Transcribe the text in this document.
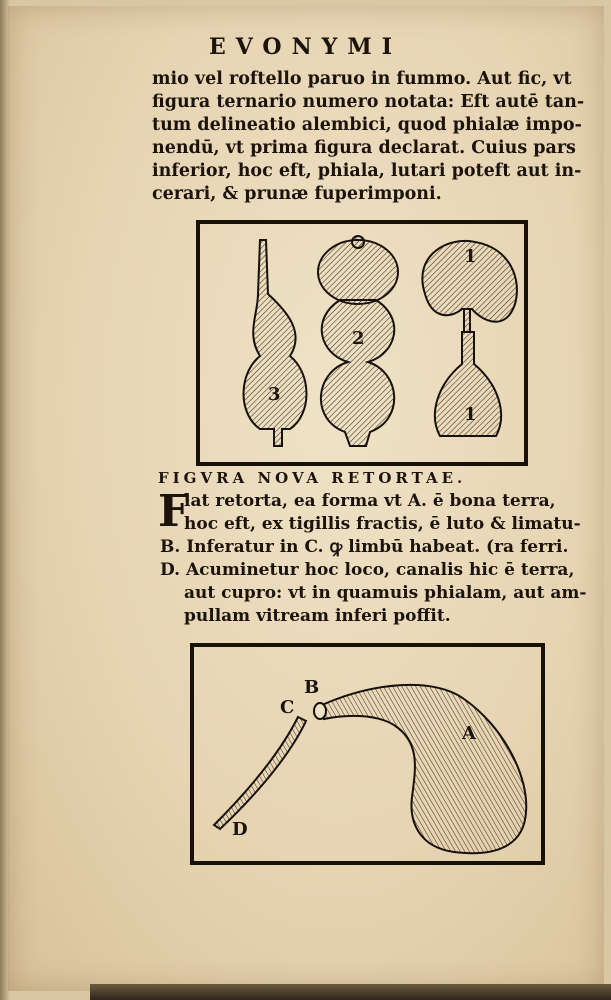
EVONYMI
mio vel roftello paruo in fummo. Aut fic, vt
figura ternario numero notata: Eft autē tan-
tum delineatio alembici, quod phialæ impo-
nendū, vt prima figura declarat. Cuius pars
inferior, hoc eft, phiala, lutari poteft aut in-
cerari, & prunæ fuperimponi.
3
2
1
1
FIGVRA NOVA RETORTAE.
F
lat retorta, ea forma vt A. ē bona terra,
hoc eft, ex tigillis fractis, ē luto & limatu-
B. Inferatur in C. ꝙ limbū habeat. (ra ferri.
D. Acuminetur hoc loco, canalis hic ē terra,
aut cupro: vt in quamuis phialam, aut am-
pullam vitream inferi poffit.
A
B
C
D
